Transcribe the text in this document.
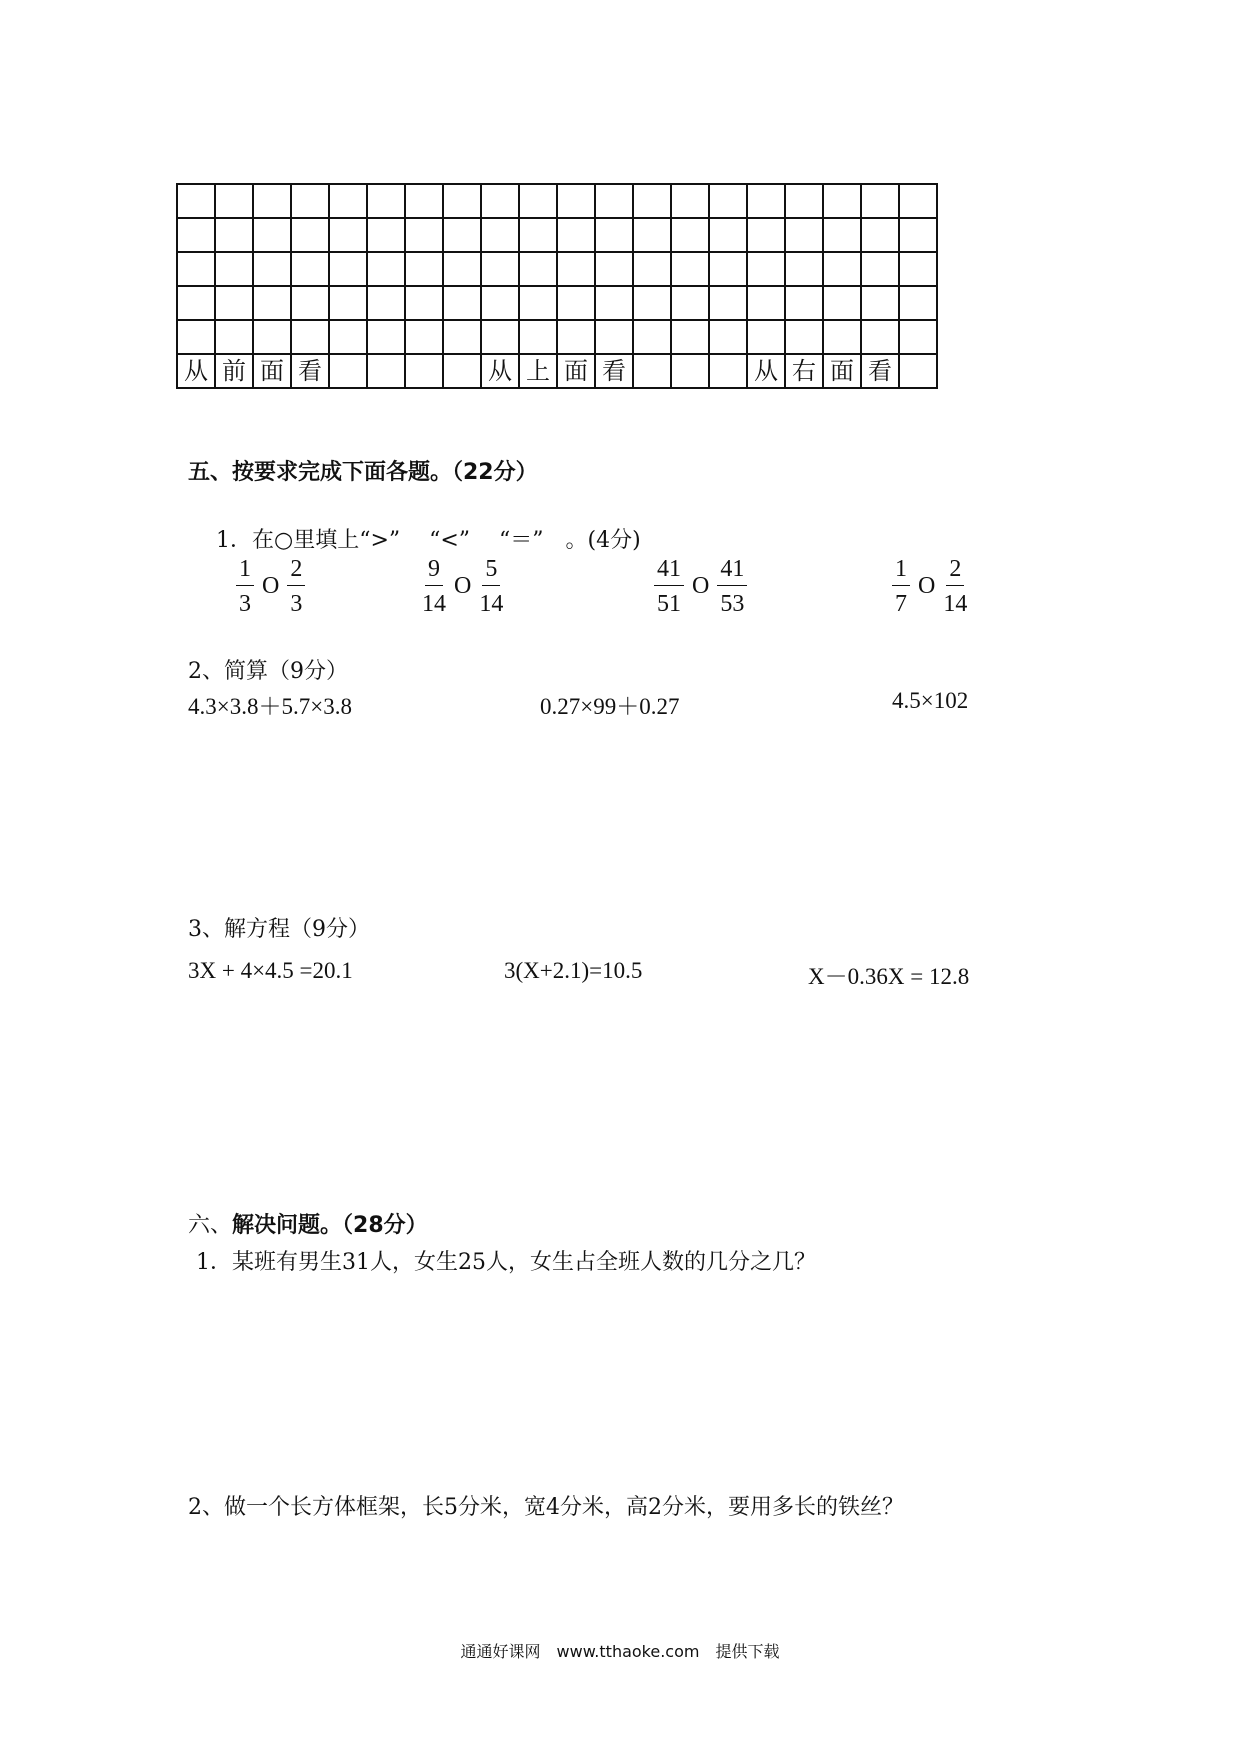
从	前	面	看					从	上	面	看				从	右	面	看	
五、按要求完成下面各题。（22分）
1．在○里填上“>”　 “<”　 “＝”　。(4分)
1
3
O
2
3
9
14
O
5
14
41
51
O
41
53
1
7
O
2
14
2、简算（9分）
4.3×3.8＋5.7×3.8	0.27×99＋0.27	4.5×102
3、解方程（9分）
3X + 4×4.5 =20.1	3(X+2.1)=10.5	X－0.36X = 12.8
六、解决问题。（28分）
1．某班有男生31人，女生25人，女生占全班人数的几分之几？
2、做一个长方体框架，长5分米，宽4分米，高2分米，要用多长的铁丝？
通通好课网　www.tthaoke.com　提供下载
